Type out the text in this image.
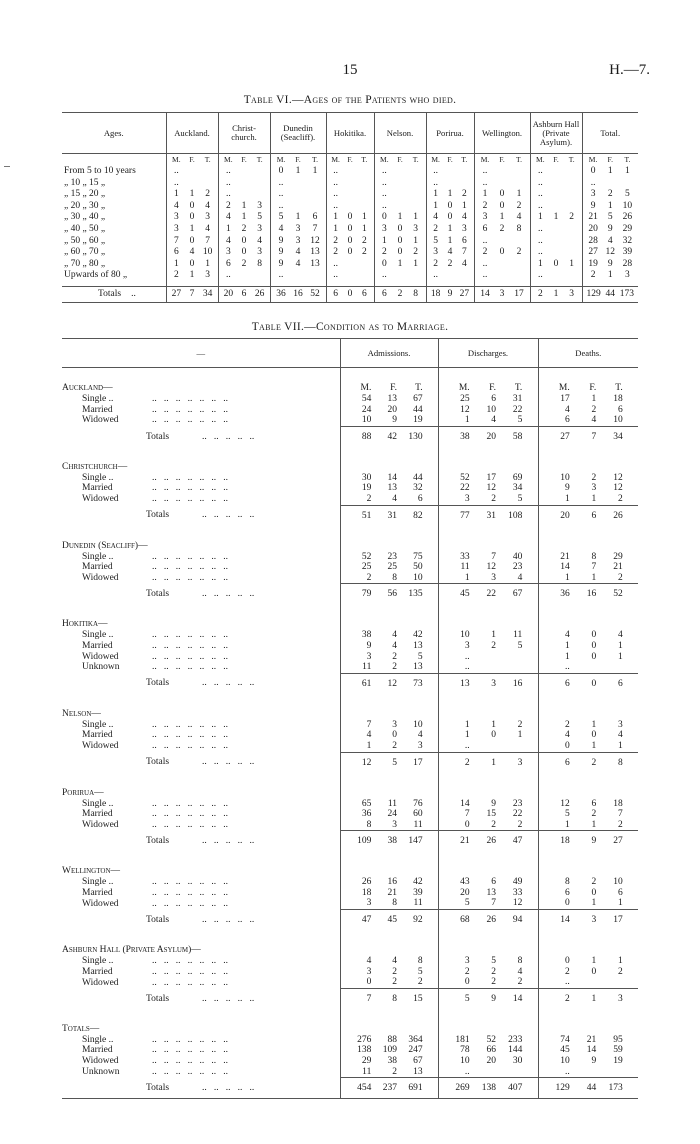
15	H.—7.
Table VI.—Ages of the Patients who died.
Ages.	Auckland.	Christ-church.	Dunedin (Seacliff).	Hokitika.	Nelson.	Porirua.	Wellington.	Ashburn Hall (Private Asylum).	Total.

	M. F. T.	M. F. T.	M. F. T.	M. F. T.	M. F. T.	M. F. T.	M. F. T.	M. F. T.	M. F. T.

From 5 to 10 years	..	..	0 1 1	..	..	..	..	..	0 1 1

„ 10 „ 15 „	..	..	..	..	..	..	..	..	..

„ 15 „ 20 „	1 1 2	..	..	..	..	1 1 2	1 0 1	..	3 2 5

„ 20 „ 30 „	4 0 4	2 1 3	..	..	..	1 0 1	2 0 2	..	9 1 10

„ 30 „ 40 „	3 0 3	4 1 5	5 1 6	1 0 1	0 1 1	4 0 4	3 1 4	1 1 2	21 5 26

„ 40 „ 50 „	3 1 4	1 2 3	4 3 7	1 0 1	3 0 3	2 1 3	6 2 8	..	20 9 29

„ 50 „ 60 „	7 0 7	4 0 4	9 3 12	2 0 2	1 0 1	5 1 6	..	..	28 4 32

„ 60 „ 70 „	6 4 10	3 0 3	9 4 13	2 0 2	2 0 2	3 4 7	2 0 2	..	27 12 39

„ 70 „ 80 „	1 0 1	6 2 8	9 4 13	..	0 1 1	2 2 4	..	1 0 1	19 9 28

Upwards of 80 „	2 1 3	..	..	..	..	..	..	..	2 1 3

Totals ..	27 7 34	20 6 26	36 16 52	6 0 6	6 2 8	18 9 27	14 3 17	2 1 3	129 44 173
Table VII.—Condition as to Marriage.
—	Admissions.	Discharges.	Deaths.
Auckland—	M. F. T.	M. F. T.	M. F. T.

Single .. ..   ..   ..   ..   ..   ..   ..	54 13 67	25 6 31	17 1 18

Married ..   ..   ..   ..   ..   ..   ..	24 20 44	12 10 22	4 2 6

Widowed ..   ..   ..   ..   ..   ..   ..	10 9 19	1 4 5	6 4 10

Totals ..   ..   ..   ..   ..	88 42 130	38 20 58	27 7 34

Christchurch—			
Single .. ..   ..   ..   ..   ..   ..   ..	30 14 44	52 17 69	10 2 12

Married ..   ..   ..   ..   ..   ..   ..	19 13 32	22 12 34	9 3 12

Widowed ..   ..   ..   ..   ..   ..   ..	2 4 6	3 2 5	1 1 2

Totals ..   ..   ..   ..   ..	51 31 82	77 31 108	20 6 26

Dunedin (Seacliff)—			
Single .. ..   ..   ..   ..   ..   ..   ..	52 23 75	33 7 40	21 8 29

Married ..   ..   ..   ..   ..   ..   ..	25 25 50	11 12 23	14 7 21

Widowed ..   ..   ..   ..   ..   ..   ..	2 8 10	1 3 4	1 1 2

Totals ..   ..   ..   ..   ..	79 56 135	45 22 67	36 16 52

Hokitika—			
Single .. ..   ..   ..   ..   ..   ..   ..	38 4 42	10 1 11	4 0 4

Married ..   ..   ..   ..   ..   ..   ..	9 4 13	3 2 5	1 0 1

Widowed ..   ..   ..   ..   ..   ..   ..	3 2 5	..	1 0 1

Unknown ..   ..   ..   ..   ..   ..   ..	11 2 13	..	..

Totals ..   ..   ..   ..   ..	61 12 73	13 3 16	6 0 6

Nelson—			
Single .. ..   ..   ..   ..   ..   ..   ..	7 3 10	1 1 2	2 1 3

Married ..   ..   ..   ..   ..   ..   ..	4 0 4	1 0 1	4 0 4

Widowed ..   ..   ..   ..   ..   ..   ..	1 2 3	..	0 1 1

Totals ..   ..   ..   ..   ..	12 5 17	2 1 3	6 2 8

Porirua—			
Single .. ..   ..   ..   ..   ..   ..   ..	65 11 76	14 9 23	12 6 18

Married ..   ..   ..   ..   ..   ..   ..	36 24 60	7 15 22	5 2 7

Widowed ..   ..   ..   ..   ..   ..   ..	8 3 11	0 2 2	1 1 2

Totals ..   ..   ..   ..   ..	109 38 147	21 26 47	18 9 27

Wellington—			
Single .. ..   ..   ..   ..   ..   ..   ..	26 16 42	43 6 49	8 2 10

Married ..   ..   ..   ..   ..   ..   ..	18 21 39	20 13 33	6 0 6

Widowed ..   ..   ..   ..   ..   ..   ..	3 8 11	5 7 12	0 1 1

Totals ..   ..   ..   ..   ..	47 45 92	68 26 94	14 3 17

Ashburn Hall (Private Asylum)—			
Single .. ..   ..   ..   ..   ..   ..   ..	4 4 8	3 5 8	0 1 1

Married ..   ..   ..   ..   ..   ..   ..	3 2 5	2 2 4	2 0 2

Widowed ..   ..   ..   ..   ..   ..   ..	0 2 2	0 2 2	..

Totals ..   ..   ..   ..   ..	7 8 15	5 9 14	2 1 3

Totals—			
Single .. ..   ..   ..   ..   ..   ..   ..	276 88 364	181 52 233	74 21 95

Married ..   ..   ..   ..   ..   ..   ..	138 109 247	78 66 144	45 14 59

Widowed ..   ..   ..   ..   ..   ..   ..	29 38 67	10 20 30	10 9 19

Unknown ..   ..   ..   ..   ..   ..   ..	11 2 13	..	..

Totals ..   ..   ..   ..   ..	454 237 691	269 138 407	129 44 173
